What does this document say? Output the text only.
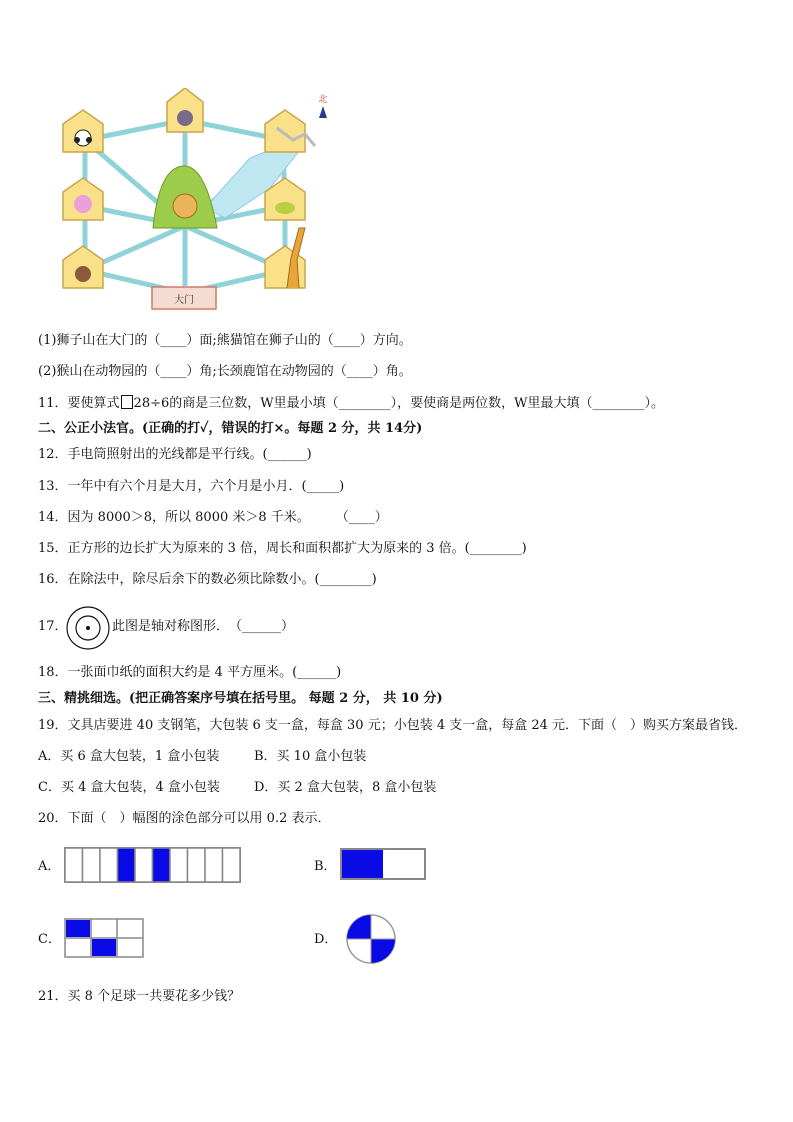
大门
北
(1)狮子山在大门的（____）面;熊猫馆在狮子山的（____）方向。
(2)猴山在动物园的（____）角;长颈鹿馆在动物园的（____）角。
11．要使算式 28÷6的商是三位数，W里最小填（________），要使商是两位数，W里最大填（________）。
二、公正小法官。(正确的打✓，错误的打×。每题 2 分，共 14分)
12．手电筒照射出的光线都是平行线。(______)
13．一年中有六个月是大月，六个月是小月．(_____)
14．因为 8000＞8，所以 8000 米＞8 千米。　　　（____）
15．正方形的边长扩大为原来的 3 倍，周长和面积都扩大为原来的 3 倍。(________)
16．在除法中，除尽后余下的数必须比除数小。(________)
17．	此图是轴对称图形．　（______）
18．一张面巾纸的面积大约是 4 平方厘米。(______)
三、精挑细选。(把正确答案序号填在括号里。 每题 2 分， 共 10 分)
19．文具店要进 40 支钢笔，大包装 6 支一盒，每盒 30 元；小包装 4 支一盒，每盒 24 元．下面（　）购买方案最省钱．
A．买 6 盒大包装，1 盒小包装	B．买 10 盒小包装
C．买 4 盒大包装，4 盒小包装	D．买 2 盒大包装，8 盒小包装
20．下面（　）幅图的涂色部分可以用 0.2 表示．
A．	B．
C．	D．
21．买 8 个足球一共要花多少钱？
